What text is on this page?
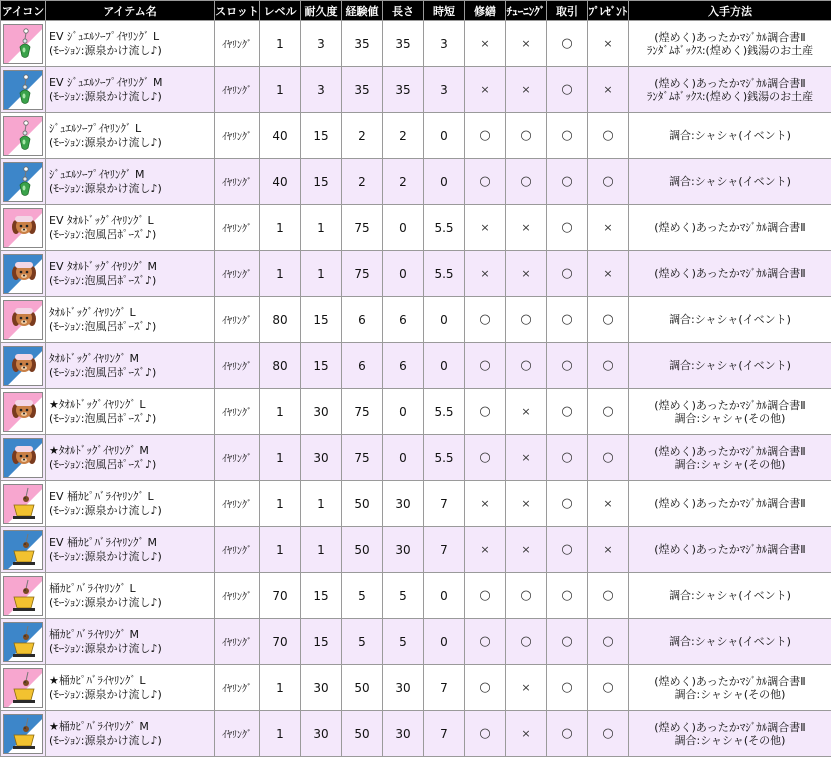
アイコン	アイテム名	スロット	レベル	耐久度	経験値	長さ	時短	修繕	ﾁｭｰﾆﾝｸﾞ	取引	ﾌﾟﾚｾﾞﾝﾄ	入手方法

EV ｼﾞｭｴﾙｿｰﾌﾟｲﾔﾘﾝｸﾞ L
(ﾓｰｼｮﾝ:源泉かけ流し♪)	ｲﾔﾘﾝｸﾞ	1	3	35	35	3	×	×	○	×	(煌めく)あったかﾏｼﾞｶﾙ調合書Ⅱ
ﾗﾝﾀﾞﾑﾎﾞｯｸｽ:(煌めく)銭湯のお土産

EV ｼﾞｭｴﾙｿｰﾌﾟｲﾔﾘﾝｸﾞ M
(ﾓｰｼｮﾝ:源泉かけ流し♪)	ｲﾔﾘﾝｸﾞ	1	3	35	35	3	×	×	○	×	(煌めく)あったかﾏｼﾞｶﾙ調合書Ⅱ
ﾗﾝﾀﾞﾑﾎﾞｯｸｽ:(煌めく)銭湯のお土産

ｼﾞｭｴﾙｿｰﾌﾟｲﾔﾘﾝｸﾞ L
(ﾓｰｼｮﾝ:源泉かけ流し♪)	ｲﾔﾘﾝｸﾞ	40	15	2	2	0	○	○	○	○	調合:シャシャ(イベント)

ｼﾞｭｴﾙｿｰﾌﾟｲﾔﾘﾝｸﾞ M
(ﾓｰｼｮﾝ:源泉かけ流し♪)	ｲﾔﾘﾝｸﾞ	40	15	2	2	0	○	○	○	○	調合:シャシャ(イベント)

EV ﾀｵﾙﾄﾞｯｸﾞｲﾔﾘﾝｸﾞ L
(ﾓｰｼｮﾝ:泡風呂ﾎﾟｰｽﾞ♪)	ｲﾔﾘﾝｸﾞ	1	1	75	0	5.5	×	×	○	×	(煌めく)あったかﾏｼﾞｶﾙ調合書Ⅱ

EV ﾀｵﾙﾄﾞｯｸﾞｲﾔﾘﾝｸﾞ M
(ﾓｰｼｮﾝ:泡風呂ﾎﾟｰｽﾞ♪)	ｲﾔﾘﾝｸﾞ	1	1	75	0	5.5	×	×	○	×	(煌めく)あったかﾏｼﾞｶﾙ調合書Ⅱ

ﾀｵﾙﾄﾞｯｸﾞｲﾔﾘﾝｸﾞ L
(ﾓｰｼｮﾝ:泡風呂ﾎﾟｰｽﾞ♪)	ｲﾔﾘﾝｸﾞ	80	15	6	6	0	○	○	○	○	調合:シャシャ(イベント)

ﾀｵﾙﾄﾞｯｸﾞｲﾔﾘﾝｸﾞ M
(ﾓｰｼｮﾝ:泡風呂ﾎﾟｰｽﾞ♪)	ｲﾔﾘﾝｸﾞ	80	15	6	6	0	○	○	○	○	調合:シャシャ(イベント)

★ﾀｵﾙﾄﾞｯｸﾞｲﾔﾘﾝｸﾞ L
(ﾓｰｼｮﾝ:泡風呂ﾎﾟｰｽﾞ♪)	ｲﾔﾘﾝｸﾞ	1	30	75	0	5.5	○	×	○	○	(煌めく)あったかﾏｼﾞｶﾙ調合書Ⅱ
調合:シャシャ(その他)

★ﾀｵﾙﾄﾞｯｸﾞｲﾔﾘﾝｸﾞ M
(ﾓｰｼｮﾝ:泡風呂ﾎﾟｰｽﾞ♪)	ｲﾔﾘﾝｸﾞ	1	30	75	0	5.5	○	×	○	○	(煌めく)あったかﾏｼﾞｶﾙ調合書Ⅱ
調合:シャシャ(その他)

EV 桶ｶﾋﾟﾊﾞﾗｲﾔﾘﾝｸﾞ L
(ﾓｰｼｮﾝ:源泉かけ流し♪)	ｲﾔﾘﾝｸﾞ	1	1	50	30	7	×	×	○	×	(煌めく)あったかﾏｼﾞｶﾙ調合書Ⅱ

EV 桶ｶﾋﾟﾊﾞﾗｲﾔﾘﾝｸﾞ M
(ﾓｰｼｮﾝ:源泉かけ流し♪)	ｲﾔﾘﾝｸﾞ	1	1	50	30	7	×	×	○	×	(煌めく)あったかﾏｼﾞｶﾙ調合書Ⅱ

桶ｶﾋﾟﾊﾞﾗｲﾔﾘﾝｸﾞ L
(ﾓｰｼｮﾝ:源泉かけ流し♪)	ｲﾔﾘﾝｸﾞ	70	15	5	5	0	○	○	○	○	調合:シャシャ(イベント)

桶ｶﾋﾟﾊﾞﾗｲﾔﾘﾝｸﾞ M
(ﾓｰｼｮﾝ:源泉かけ流し♪)	ｲﾔﾘﾝｸﾞ	70	15	5	5	0	○	○	○	○	調合:シャシャ(イベント)

★桶ｶﾋﾟﾊﾞﾗｲﾔﾘﾝｸﾞ L
(ﾓｰｼｮﾝ:源泉かけ流し♪)	ｲﾔﾘﾝｸﾞ	1	30	50	30	7	○	×	○	○	(煌めく)あったかﾏｼﾞｶﾙ調合書Ⅱ
調合:シャシャ(その他)

★桶ｶﾋﾟﾊﾞﾗｲﾔﾘﾝｸﾞ M
(ﾓｰｼｮﾝ:源泉かけ流し♪)	ｲﾔﾘﾝｸﾞ	1	30	50	30	7	○	×	○	○	(煌めく)あったかﾏｼﾞｶﾙ調合書Ⅱ
調合:シャシャ(その他)
